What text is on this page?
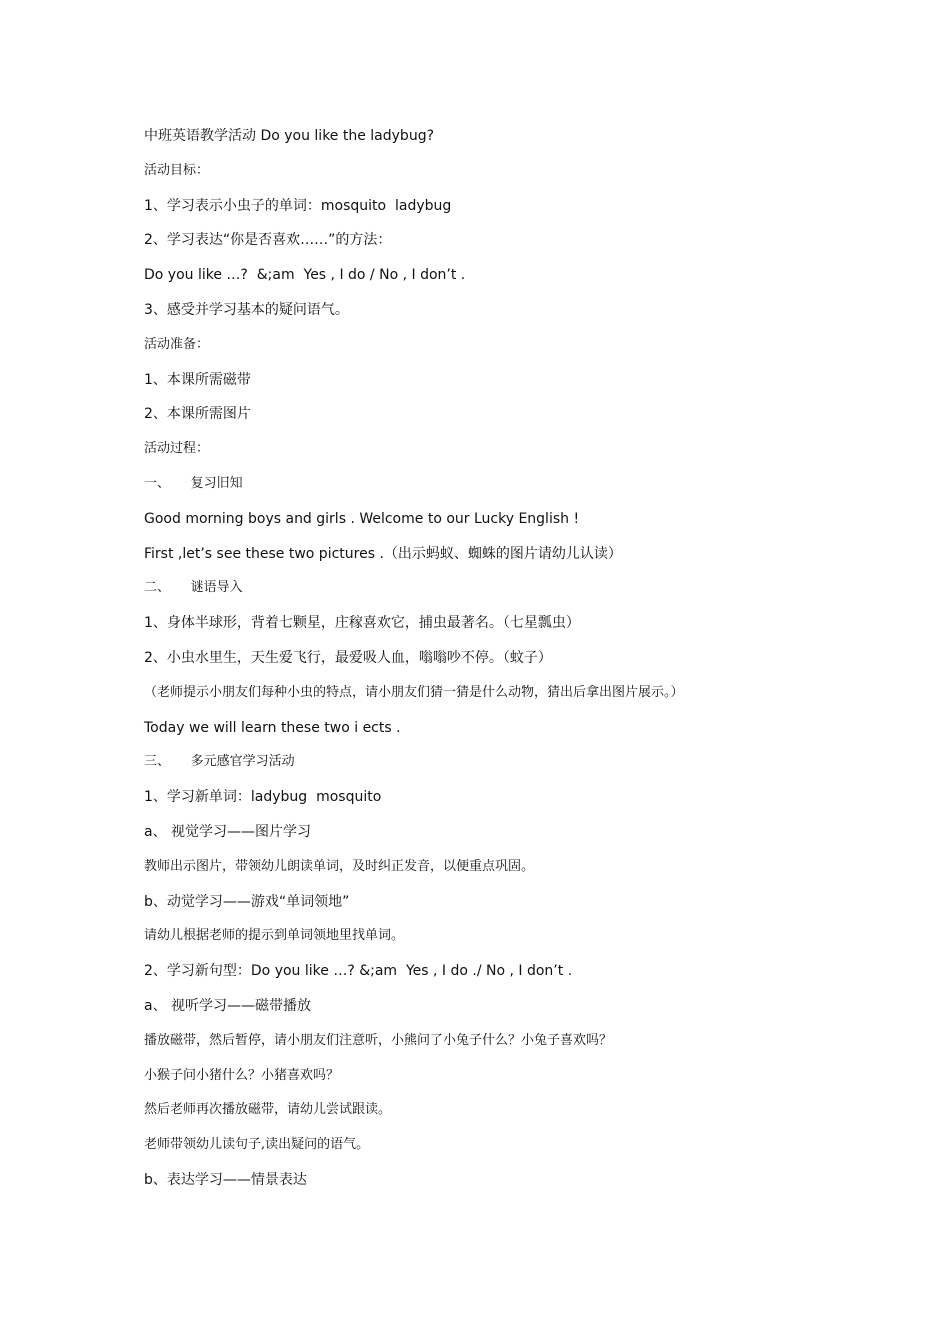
中班英语教学活动 Do you like the ladybug?
活动目标：
1、学习表示小虫子的单词：mosquito  ladybug
2、学习表达“你是否喜欢……”的方法：
Do you like …?  &;am  Yes , I do / No , I don’t .
3、感受并学习基本的疑问语气。
活动准备：
1、本课所需磁带
2、本课所需图片
活动过程：
一、     复习旧知
Good morning boys and girls . Welcome to our Lucky English !
First ,let’s see these two pictures .（出示蚂蚁、蜘蛛的图片请幼儿认读）
二、     谜语导入
1、身体半球形，背着七颗星，庄稼喜欢它，捕虫最著名。（七星瓢虫）
2、小虫水里生，天生爱飞行，最爱吸人血，嗡嗡吵不停。（蚊子）
（老师提示小朋友们每种小虫的特点，请小朋友们猜一猜是什么动物，猜出后拿出图片展示。）
Today we will learn these two i ects .
三、     多元感官学习活动
1、学习新单词：ladybug  mosquito
a、 视觉学习——图片学习
教师出示图片，带领幼儿朗读单词，及时纠正发音，以便重点巩固。
b、动觉学习——游戏“单词领地”
请幼儿根据老师的提示到单词领地里找单词。
2、学习新句型：Do you like …? &;am  Yes , I do ./ No , I don’t .
a、 视听学习——磁带播放
播放磁带，然后暂停，请小朋友们注意听，小熊问了小兔子什么？小兔子喜欢吗？
小猴子问小猪什么？小猪喜欢吗？
然后老师再次播放磁带，请幼儿尝试跟读。
老师带领幼儿读句子,读出疑问的语气。
b、表达学习——情景表达
